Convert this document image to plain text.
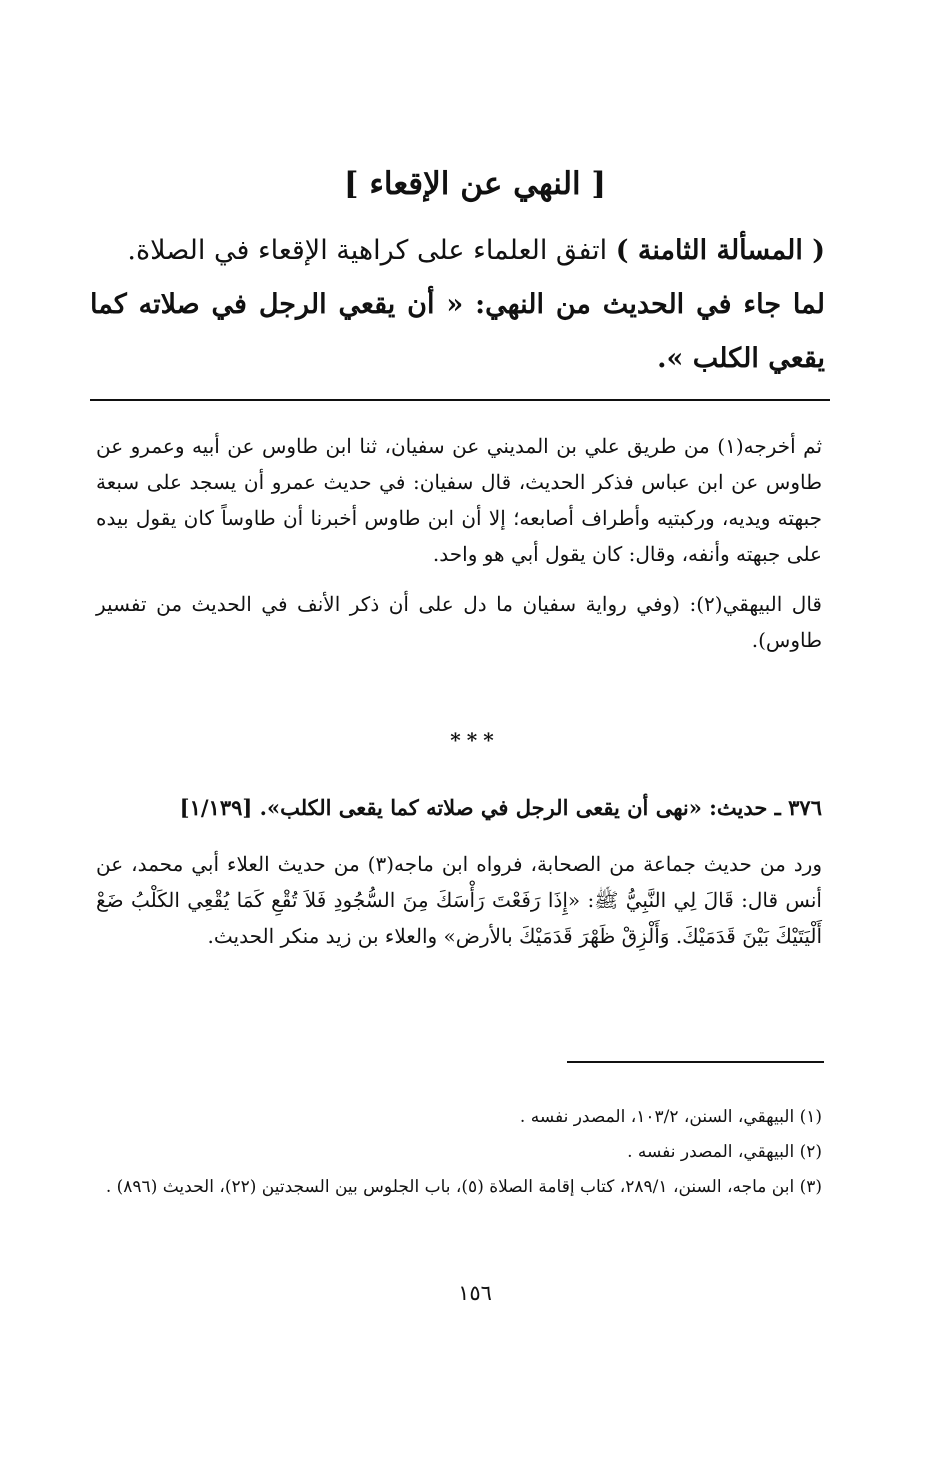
[ النهي عن الإقعاء ]

( المسألة الثامنة ) اتفق العلماء على كراهية الإقعاء في الصلاة.

لما جاء في الحديث من النهي: « أن يقعي الرجل في صلاته كما يقعي الكلب ».

ثم أخرجه(١) من طريق علي بن المديني عن سفيان، ثنا ابن طاوس عن أبيه وعمرو عن طاوس عن ابن عباس فذكر الحديث، قال سفيان: في حديث عمرو أن يسجد على سبعة جبهته ويديه، وركبتيه وأطراف أصابعه؛ إلا أن ابن طاوس أخبرنا أن طاوساً كان يقول بيده على جبهته وأنفه، وقال: كان يقول أبي هو واحد.

قال البيهقي(٢): (وفي رواية سفيان ما دل على أن ذكر الأنف في الحديث من تفسير طاوس).

***
٣٧٦ ـ حديث: «نهى أن يقعى الرجل في صلاته كما يقعى الكلب». [١/١٣٩]

ورد من حديث جماعة من الصحابة، فرواه ابن ماجه(٣) من حديث العلاء أبي محمد، عن أنس قال: قَالَ لِي النَّبِيُّ ﷺ: «إِذَا رَفَعْتَ رَأْسَكَ مِنَ السُّجُودِ فَلاَ تُقْعِ كَمَا يُقْعِي الكَلْبُ ضَعْ أَلْيَتَيْكَ بَيْنَ قَدَمَيْكَ. وَأَلْزِقْ ظَهْرَ قَدَمَيْكَ بالأرض» والعلاء بن زيد منكر الحديث.

(١) البيهقي، السنن، ١٠٣/٢، المصدر نفسه .

(٢) البيهقي، المصدر نفسه .

(٣) ابن ماجه، السنن، ٢٨٩/١، كتاب إقامة الصلاة (٥)، باب الجلوس بين السجدتين (٢٢)، الحديث (٨٩٦) .

١٥٦
